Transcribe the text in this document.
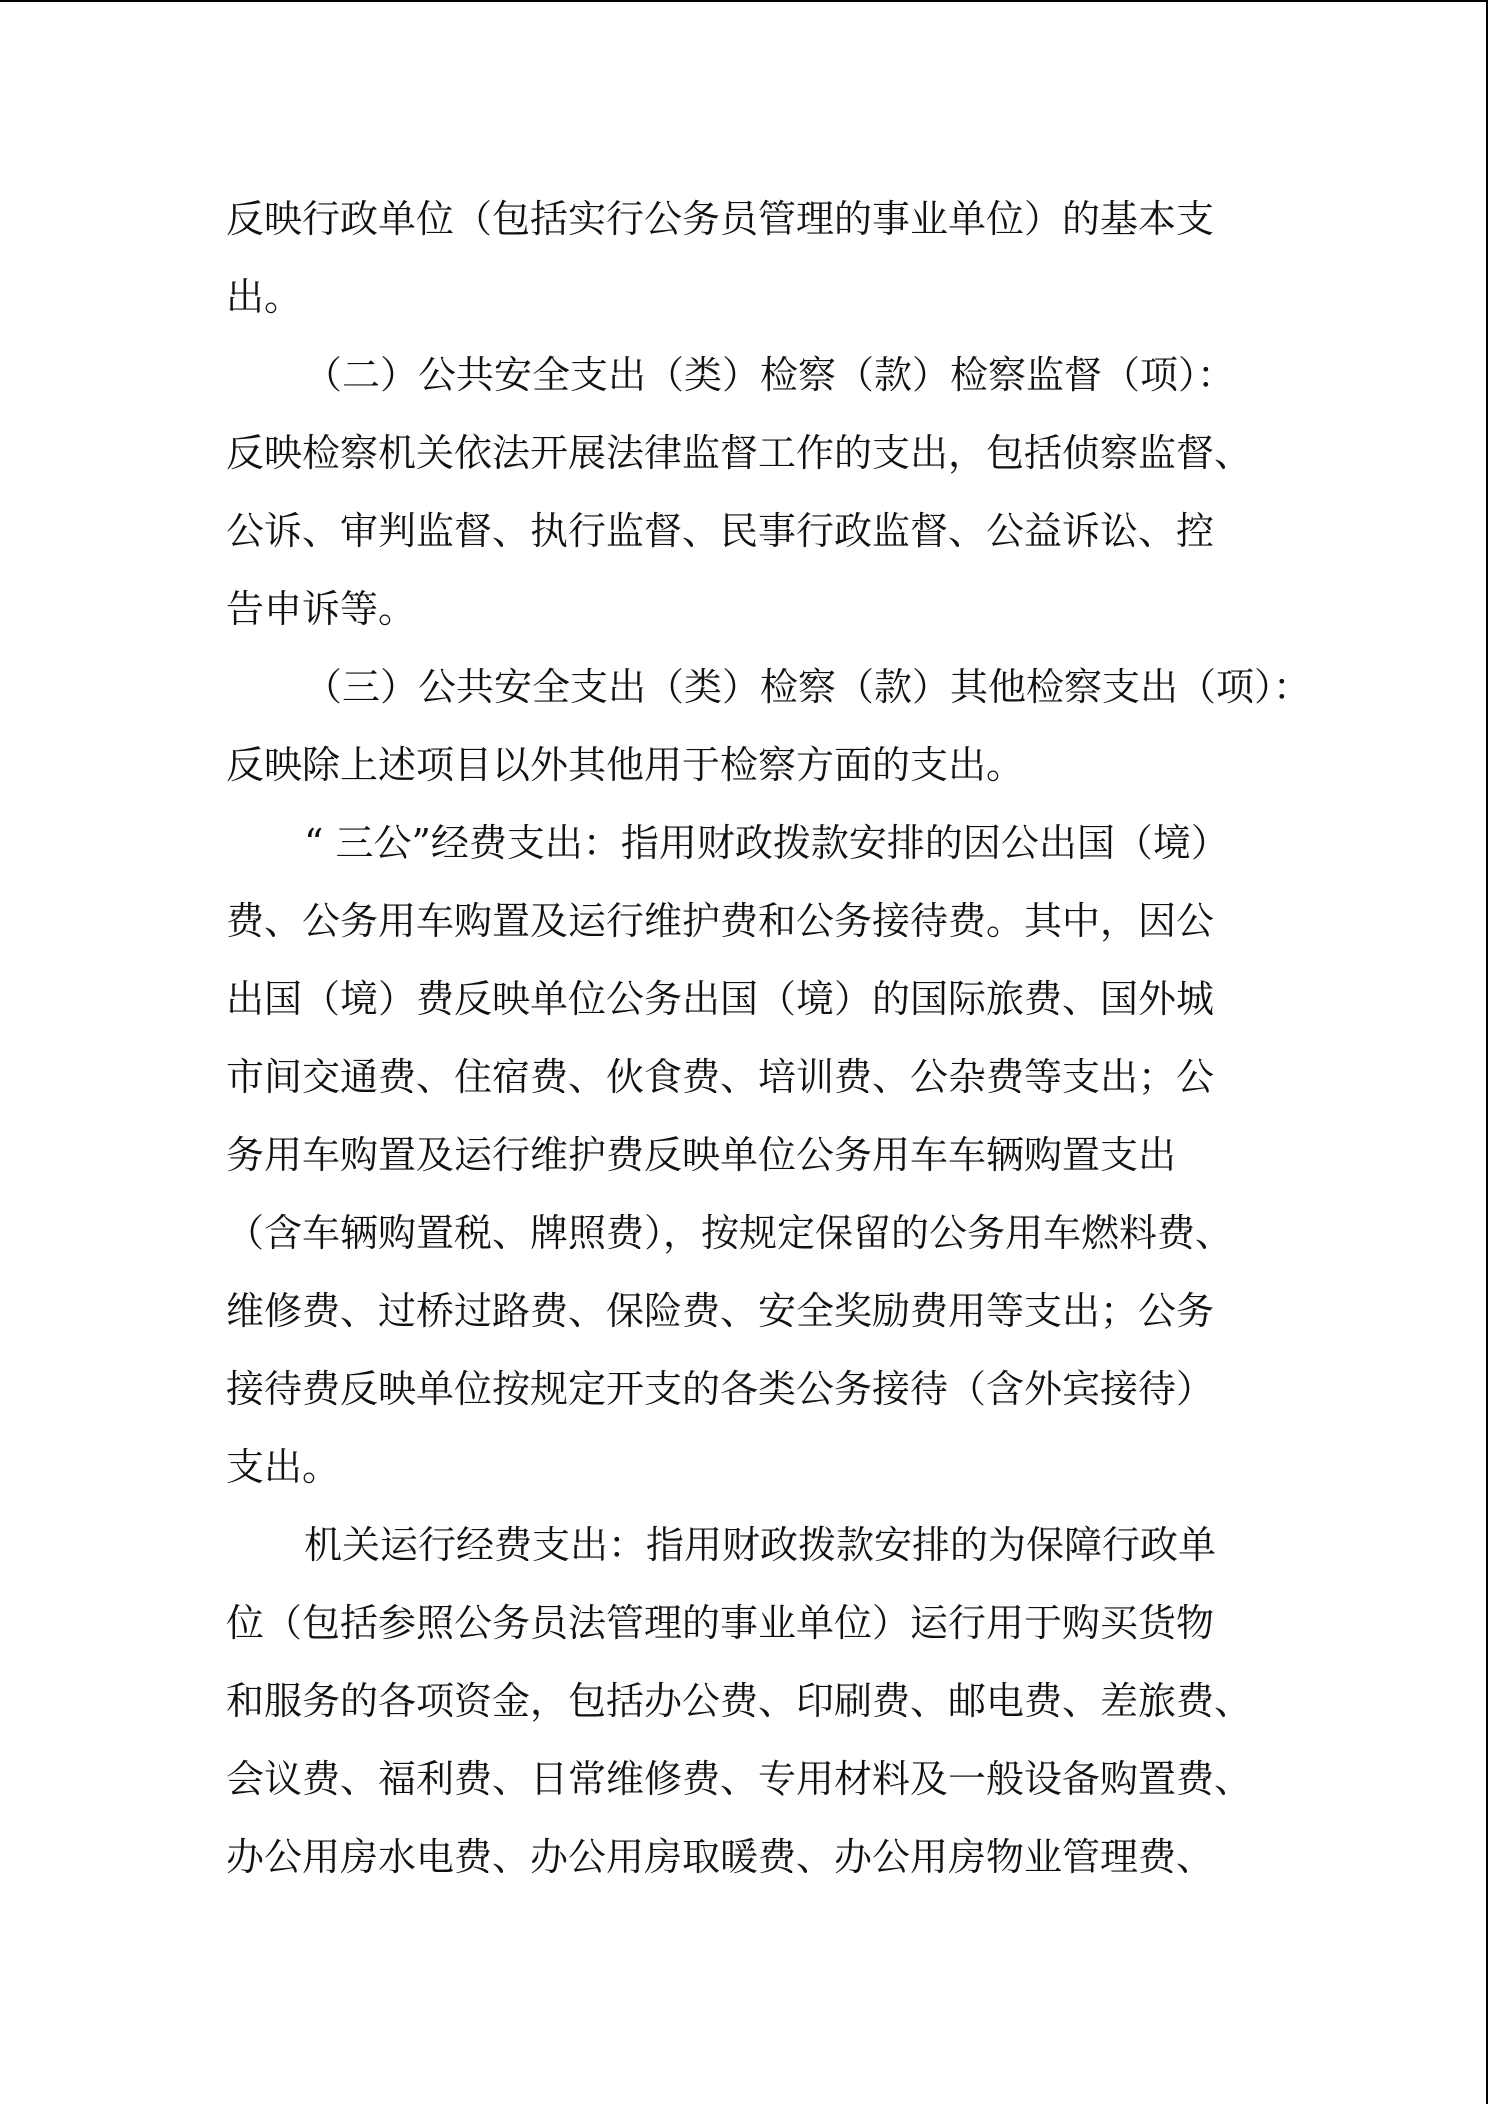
反映行政单位（包括实行公务员管理的事业单位）的基本支
出。
（二）公共安全支出（类）检察（款）检察监督（项）：
反映检察机关依法开展法律监督工作的支出，包括侦察监督、
公诉、审判监督、执行监督、民事行政监督、公益诉讼、控
告申诉等。
（三）公共安全支出（类）检察（款）其他检察支出（项）：
反映除上述项目以外其他用于检察方面的支出。
“ 三公”经费支出：指用财政拨款安排的因公出国（境）
费、公务用车购置及运行维护费和公务接待费。其中，因公
出国（境）费反映单位公务出国（境）的国际旅费、国外城
市间交通费、住宿费、伙食费、培训费、公杂费等支出；公
务用车购置及运行维护费反映单位公务用车车辆购置支出
（含车辆购置税、牌照费），按规定保留的公务用车燃料费、
维修费、过桥过路费、保险费、安全奖励费用等支出；公务
接待费反映单位按规定开支的各类公务接待（含外宾接待）
支出。
机关运行经费支出：指用财政拨款安排的为保障行政单
位（包括参照公务员法管理的事业单位）运行用于购买货物
和服务的各项资金，包括办公费、印刷费、邮电费、差旅费、
会议费、福利费、日常维修费、专用材料及一般设备购置费、
办公用房水电费、办公用房取暖费、办公用房物业管理费、
